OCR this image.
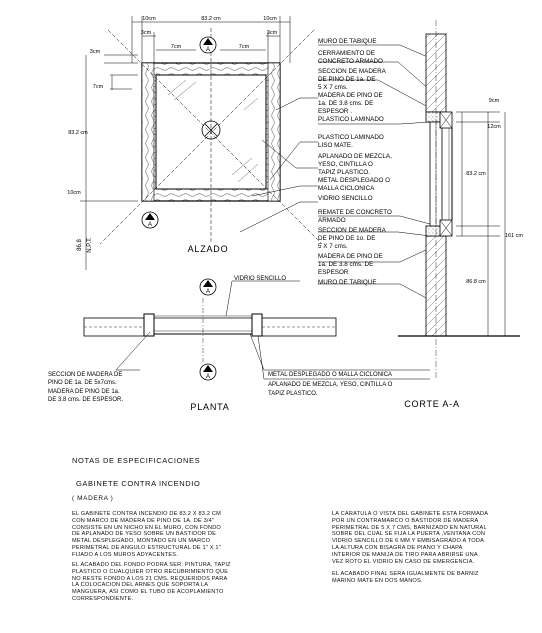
A
A
10cm	83.2 cm	10cm
3cm	3cm
7cm	7cm
3cm
7cm
83.2 cm
10cm
86.8 N.P.T.	ALZADO
MURO DE TABIQUE
CERRAMIENTO DE
CONCRETO ARMADO
SECCION DE MADERA
DE PINO DE 1a. DE
5 X 7 cms.
MADERA DE PINO DE
1a. DE 3.8 cms. DE
ESPESOR .
PLASTICO LAMINADO
PLASTICO LAMINADO
LISO MATE.
APLANADO DE MEZCLA,
YESO, CINTILLA O
TAPIZ PLASTICO.
METAL DESPLEGADO O
MALLA CICLONICA
VIDRIO SENCILLO
REMATE DE CONCRETO
ARMADO
SECCION DE MADERA
DE PINO DE 1o. DE
5 X 7 cms.
MADERA DE PINO DE
1a. DE 3.8 cms. DE
ESPESOR
MURO DE TABIQUE
9cm
12cm
83.2 cm
161 cm
86.8 cm
CORTE A-A
A
A
VIDRIO SENCILLO
SECCION DE MADERA DE
PINO DE 1a. DE 5x7cms.
MADERA DE PINO DE 1a.
DE 3.8 cms. DE ESPESOR.
METAL DESPLEGADO O MALLA CICLONICA
APLANADO DE MEZCLA, YESO, CINTILLA O
TAPIZ PLASTICO.
PLANTA
NOTAS DE ESPECIFICACIONES
GABINETE CONTRA INCENDIO
( MADERA )

EL GABINETE CONTRA INCENDIO DE 83.2 X 83.2 CM
CON MARCO DE MADERA DE PINO DE 1A. DE 3/4"
CONSISTE EN UN NICHO EN EL MURO, CON FONDO
DE APLANADO DE YESO SOBRE UN BASTIDOR DE
METAL DESPLEGADO, MONTADO EN UN MARCO
PERIMETRAL DE ANGULO ESTRUCTURAL DE 1" X 1"
FIJADO A LOS MUROS ADYACENTES.

EL ACABADO DEL FONDO PODRA SER: PINTURA, TAPIZ
PLASTICO O CUALQUIER OTRO RECUBRIMIENTO QUE
NO RESTE FONDO A LOS 21 CMS. REQUERIDOS PARA
LA COLOCACION DEL ARNES QUE SOPORTA LA
MANGUERA, ASI COMO EL TUBO DE ACOPLAMIENTO
CORRESPONDIENTE.

LA CARATULA O VISTA DEL GABINETE ESTA FORMADA
POR UN CONTRAMARCO O BASTIDOR DE MADERA
PERIMETRAL DE 5 X 7 CMS, BARNIZADO EN NATURAL
SOBRE DEL CUAL SE FIJA LA PUERTA ,VENTANA CON
VIDRIO SENCILLO DE 6 MM Y EMBISAGRADO A TODA
LA ALTURA CON BISAGRA DE PIANO Y CHAPA
INTERIOR DE MANIJA DE TIRO PARA ABRIRSE UNA
VEZ ROTO EL VIDRIO EN CASO DE EMERGENCIA.

EL ACABADO FINAL SERA IGUALMENTE DE BARNIZ
MARINO MATE EN DOS MANOS.
